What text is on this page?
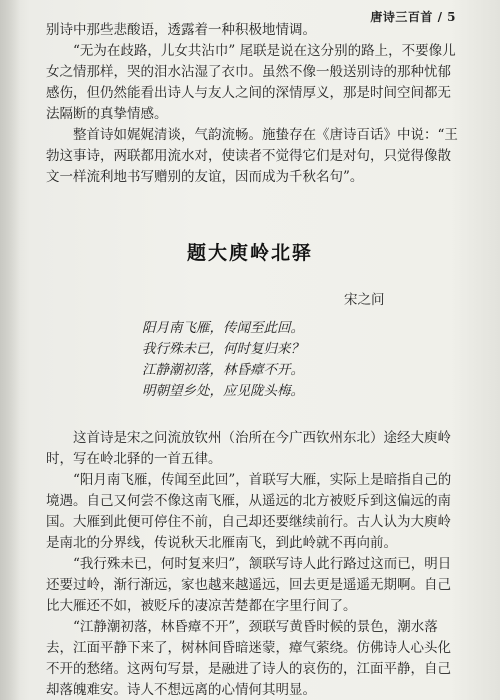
唐诗三百首 / 5

别诗中那些悲酸语，透露着一种积极地情调。

“无为在歧路，儿女共沾巾” 尾联是说在这分别的路上，不要像儿女之情那样，哭的泪水沾湿了衣巾。虽然不像一般送别诗的那种忧郁感伤，但仍然能看出诗人与友人之间的深情厚义，那是时间空间都无法隔断的真挚情感。

整首诗如娓娓清谈，气韵流畅。施蛰存在《唐诗百话》中说：“王勃这事诗，两联都用流水对，使读者不觉得它们是对句，只觉得像散文一样流利地书写赠别的友谊，因而成为千秋名句”。

题大庾岭北驿
宋之问

阳月南飞雁，传闻至此回。

我行殊未已，何时复归来？

江静潮初落，林昏瘴不开。

明朝望乡处，应见陇头梅。

这首诗是宋之问流放钦州（治所在今广西钦州东北）途经大庾岭时，写在岭北驿的一首五律。

“阳月南飞雁，传闻至此回”，首联写大雁，实际上是暗指自己的境遇。自己又何尝不像这南飞雁，从遥远的北方被贬斥到这偏远的南国。大雁到此便可停住不前，自己却还要继续前行。古人认为大庾岭是南北的分界线，传说秋天北雁南飞，到此岭就不再向前。

“我行殊未已，何时复来归”，颔联写诗人此行路过这而已，明日还要过岭，渐行渐远，家也越来越遥远，回去更是遥遥无期啊。自己比大雁还不如，被贬斥的凄凉苦楚都在字里行间了。

“江静潮初落，林昏瘴不开”，颈联写黄昏时候的景色，潮水落去，江面平静下来了，树林间昏暗迷蒙，瘴气萦绕。仿佛诗人心头化不开的愁绪。这两句写景，是融进了诗人的哀伤的，江面平静，自己却落魄难安。诗人不想远离的心情何其明显。
